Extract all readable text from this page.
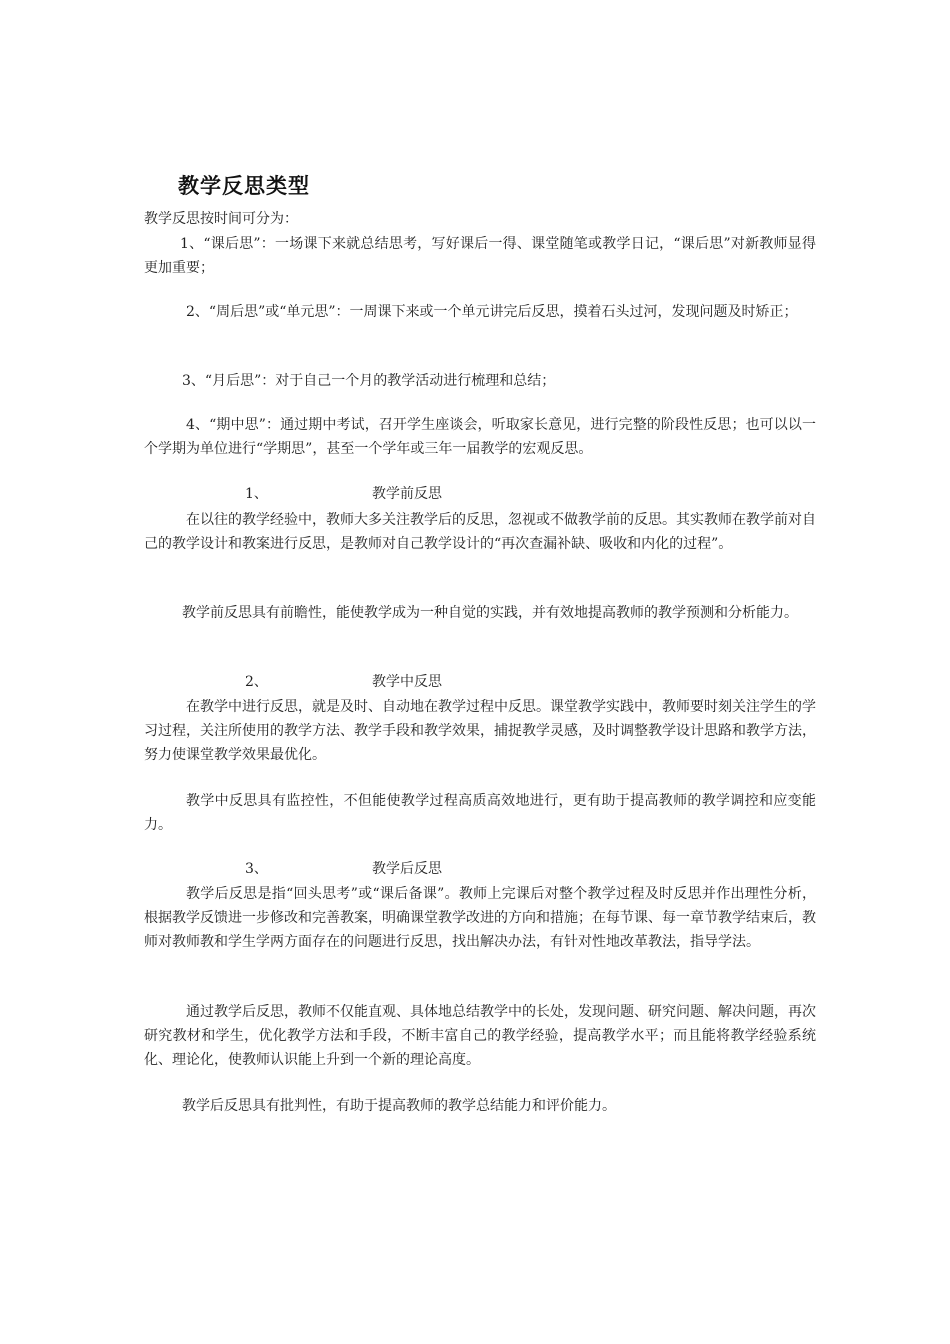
教学反思类型
教学反思按时间可分为：
1、“课后思”：一场课下来就总结思考，写好课后一得、课堂随笔或教学日记，“课后思”对新教师显得更加重要；
2、“周后思”或“单元思”：一周课下来或一个单元讲完后反思，摸着石头过河，发现问题及时矫正；
3、“月后思”：对于自己一个月的教学活动进行梳理和总结；
4、“期中思”：通过期中考试，召开学生座谈会，听取家长意见，进行完整的阶段性反思；也可以以一个学期为单位进行“学期思”，甚至一个学年或三年一届教学的宏观反思。
1、	教学前反思
在以往的教学经验中，教师大多关注教学后的反思，忽视或不做教学前的反思。其实教师在教学前对自己的教学设计和教案进行反思，是教师对自己教学设计的“再次查漏补缺、吸收和内化的过程”。
教学前反思具有前瞻性，能使教学成为一种自觉的实践，并有效地提高教师的教学预测和分析能力。
2、	教学中反思
在教学中进行反思，就是及时、自动地在教学过程中反思。课堂教学实践中，教师要时刻关注学生的学习过程，关注所使用的教学方法、教学手段和教学效果，捕捉教学灵感，及时调整教学设计思路和教学方法，努力使课堂教学效果最优化。
教学中反思具有监控性，不但能使教学过程高质高效地进行，更有助于提高教师的教学调控和应变能力。
3、	教学后反思
教学后反思是指“回头思考”或“课后备课”。教师上完课后对整个教学过程及时反思并作出理性分析，根据教学反馈进一步修改和完善教案，明确课堂教学改进的方向和措施；在每节课、每一章节教学结束后，教师对教师教和学生学两方面存在的问题进行反思，找出解决办法，有针对性地改革教法，指导学法。
通过教学后反思，教师不仅能直观、具体地总结教学中的长处，发现问题、研究问题、解决问题，再次研究教材和学生，优化教学方法和手段，不断丰富自己的教学经验，提高教学水平；而且能将教学经验系统化、理论化，使教师认识能上升到一个新的理论高度。
教学后反思具有批判性，有助于提高教师的教学总结能力和评价能力。
